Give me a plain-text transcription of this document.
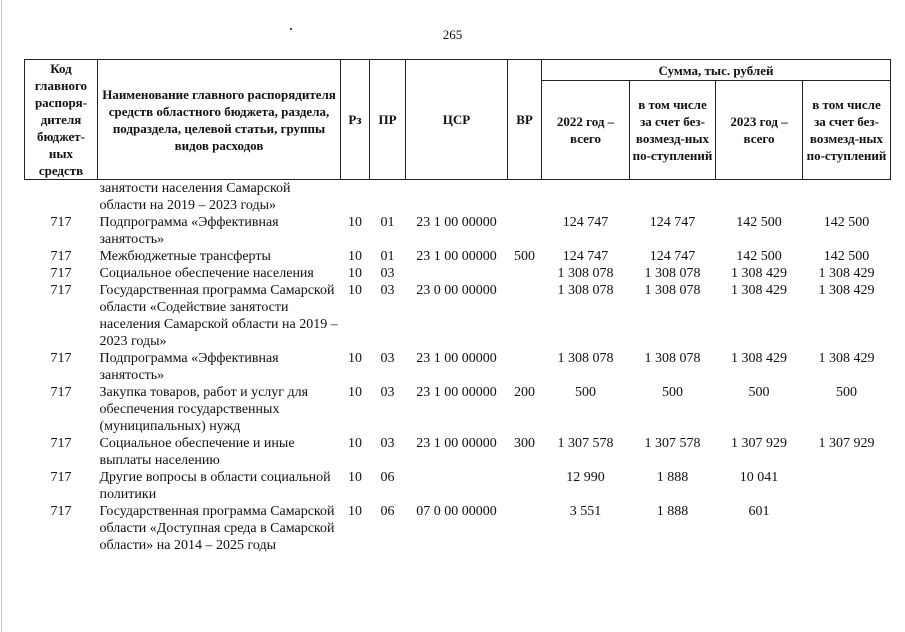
265
Код главного распоря-дителя бюджет-ных средств	Наименование главного распорядителя средств областного бюджета, раздела, подраздела, целевой статьи, группы видов расходов	Рз	ПР	ЦСР	ВР	Сумма, тыс. рублей			
						2022 год – всего	в том числе за счет без-возмезд-ных по-ступлений	2023 год – всего	в том числе за счет без-возмезд-ных по-ступлений
	занятости населения Самарской области на 2019 – 2023 годы»								
717	Подпрограмма «Эффективная занятость»	10	01	23 1 00 00000		124 747	124 747	142 500	142 500
717	Межбюджетные трансферты	10	01	23 1 00 00000	500	124 747	124 747	142 500	142 500
717	Социальное обеспечение населения	10	03			1 308 078	1 308 078	1 308 429	1 308 429
717	Государственная программа Самарской области «Содействие занятости населения Самарской области на 2019 – 2023 годы»	10	03	23 0 00 00000		1 308 078	1 308 078	1 308 429	1 308 429
717	Подпрограмма «Эффективная занятость»	10	03	23 1 00 00000		1 308 078	1 308 078	1 308 429	1 308 429
717	Закупка товаров, работ и услуг для обеспечения государственных (муниципальных) нужд	10	03	23 1 00 00000	200	500	500	500	500
717	Социальное обеспечение и иные выплаты населению	10	03	23 1 00 00000	300	1 307 578	1 307 578	1 307 929	1 307 929
717	Другие вопросы в области социальной политики	10	06			12 990	1 888	10 041	
717	Государственная программа Самарской области «Доступная среда в Самарской области» на 2014 – 2025 годы	10	06	07 0 00 00000		3 551	1 888	601	
